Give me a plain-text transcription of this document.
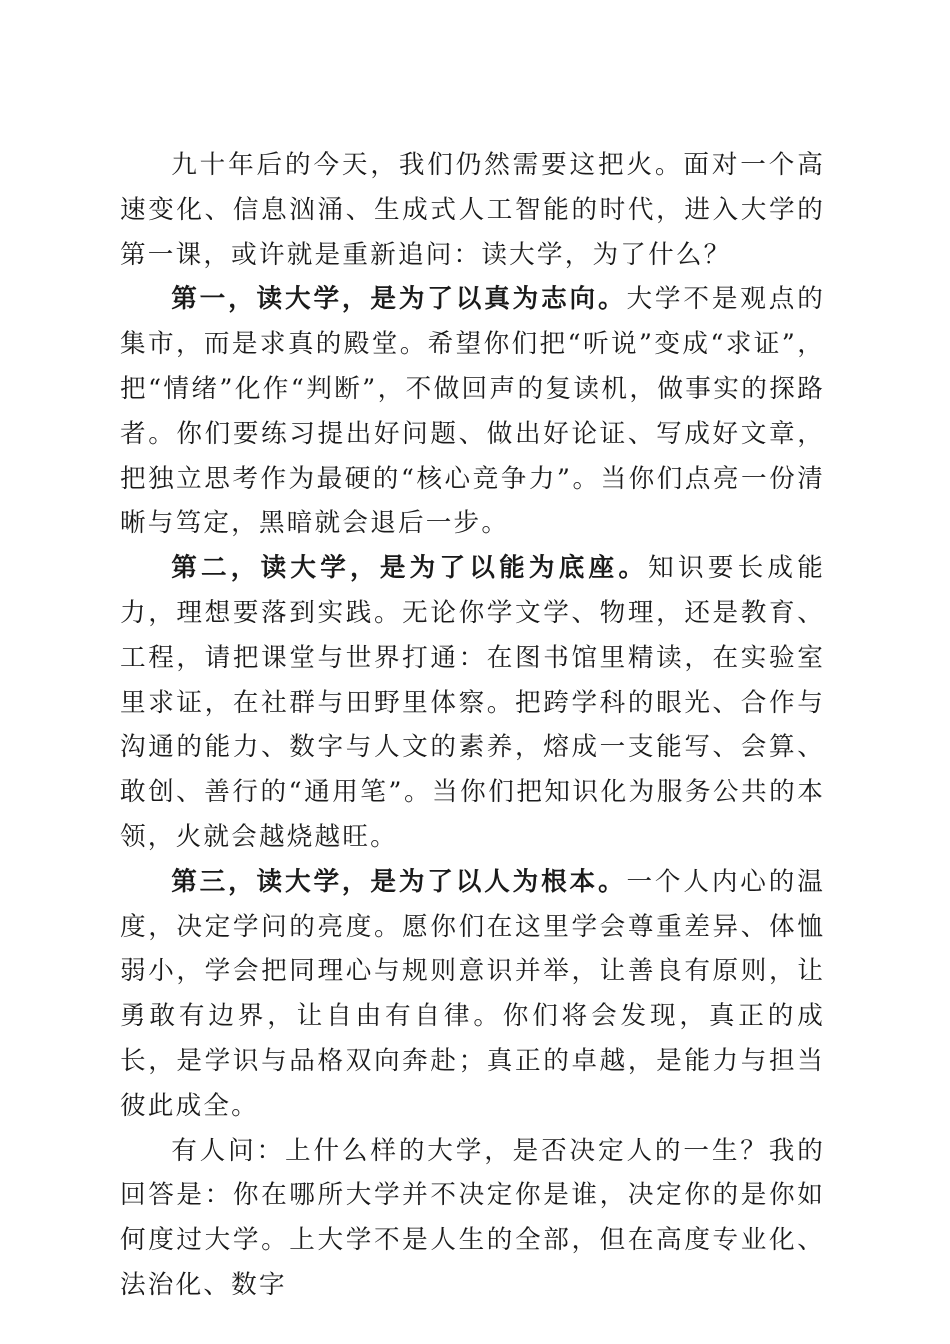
九十年后的今天，我们仍然需要这把火。面对一个高速变化、信息汹涌、生成式人工智能的时代，进入大学的第一课，或许就是重新追问：读大学，为了什么？

第一，读大学，是为了以真为志向。大学不是观点的集市，而是求真的殿堂。希望你们把“听说”变成“求证”，把“情绪”化作“判断”，不做回声的复读机，做事实的探路者。你们要练习提出好问题、做出好论证、写成好文章，把独立思考作为最硬的“核心竞争力”。当你们点亮一份清晰与笃定，黑暗就会退后一步。

第二，读大学，是为了以能为底座。知识要长成能力，理想要落到实践。无论你学文学、物理，还是教育、工程，请把课堂与世界打通：在图书馆里精读，在实验室里求证，在社群与田野里体察。把跨学科的眼光、合作与沟通的能力、数字与人文的素养，熔成一支能写、会算、敢创、善行的“通用笔”。当你们把知识化为服务公共的本领，火就会越烧越旺。

第三，读大学，是为了以人为根本。一个人内心的温度，决定学问的亮度。愿你们在这里学会尊重差异、体恤弱小，学会把同理心与规则意识并举，让善良有原则，让勇敢有边界，让自由有自律。你们将会发现，真正的成长，是学识与品格双向奔赴；真正的卓越，是能力与担当彼此成全。

有人问：上什么样的大学，是否决定人的一生？我的回答是：你在哪所大学并不决定你是谁，决定你的是你如何度过大学。上大学不是人生的全部，但在高度专业化、法治化、数字
